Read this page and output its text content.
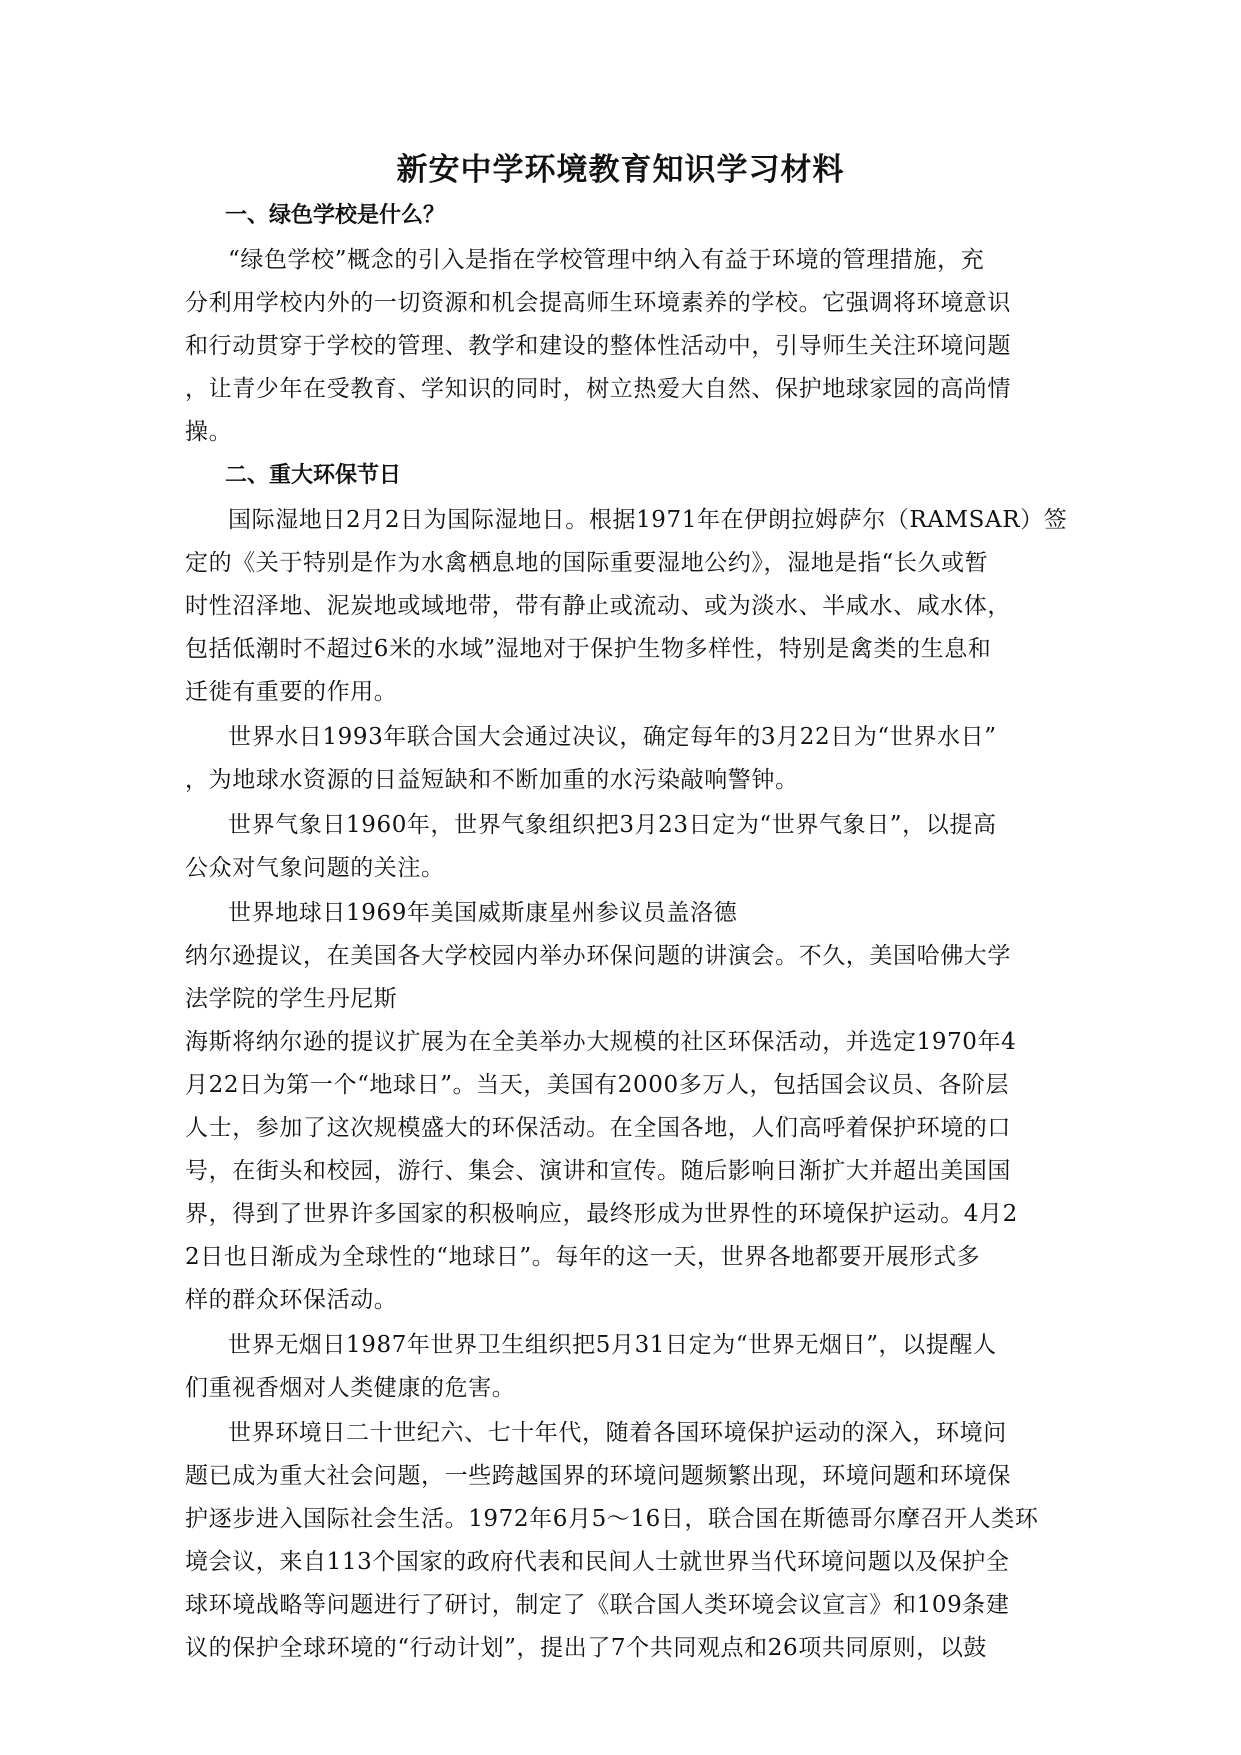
新安中学环境教育知识学习材料
一、绿色学校是什么？

“绿色学校”概念的引入是指在学校管理中纳入有益于环境的管理措施，充

分利用学校内外的一切资源和机会提高师生环境素养的学校。它强调将环境意识

和行动贯穿于学校的管理、教学和建设的整体性活动中，引导师生关注环境问题

，让青少年在受教育、学知识的同时，树立热爱大自然、保护地球家园的高尚情

操。

二、重大环保节日

国际湿地日2月2日为国际湿地日。根据1971年在伊朗拉姆萨尔（RAMSAR）签

定的《关于特别是作为水禽栖息地的国际重要湿地公约》，湿地是指“长久或暂

时性沼泽地、泥炭地或域地带，带有静止或流动、或为淡水、半咸水、咸水体，

包括低潮时不超过6米的水域”湿地对于保护生物多样性，特别是禽类的生息和

迁徙有重要的作用。

世界水日1993年联合国大会通过决议，确定每年的3月22日为“世界水日”

，为地球水资源的日益短缺和不断加重的水污染敲响警钟。

世界气象日1960年，世界气象组织把3月23日定为“世界气象日”，以提高

公众对气象问题的关注。

世界地球日1969年美国威斯康星州参议员盖洛德

纳尔逊提议，在美国各大学校园内举办环保问题的讲演会。不久，美国哈佛大学

法学院的学生丹尼斯

海斯将纳尔逊的提议扩展为在全美举办大规模的社区环保活动，并选定1970年4

月22日为第一个“地球日”。当天，美国有2000多万人，包括国会议员、各阶层

人士，参加了这次规模盛大的环保活动。在全国各地，人们高呼着保护环境的口

号，在街头和校园，游行、集会、演讲和宣传。随后影响日渐扩大并超出美国国

界，得到了世界许多国家的积极响应，最终形成为世界性的环境保护运动。4月2

2日也日渐成为全球性的“地球日”。每年的这一天，世界各地都要开展形式多

样的群众环保活动。

世界无烟日1987年世界卫生组织把5月31日定为“世界无烟日”，以提醒人

们重视香烟对人类健康的危害。

世界环境日二十世纪六、七十年代，随着各国环境保护运动的深入，环境问

题已成为重大社会问题，一些跨越国界的环境问题频繁出现，环境问题和环境保

护逐步进入国际社会生活。1972年6月5～16日，联合国在斯德哥尔摩召开人类环

境会议，来自113个国家的政府代表和民间人士就世界当代环境问题以及保护全

球环境战略等问题进行了研讨，制定了《联合国人类环境会议宣言》和109条建

议的保护全球环境的“行动计划”，提出了7个共同观点和26项共同原则，以鼓
